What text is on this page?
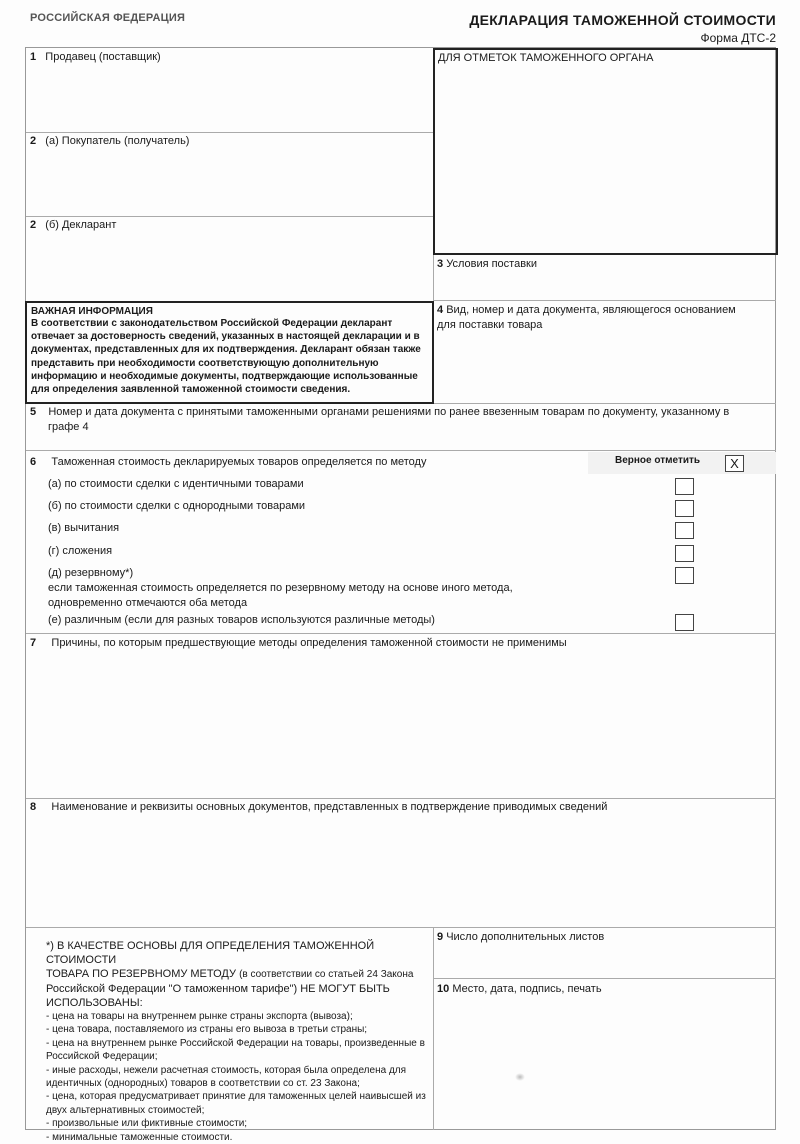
РОССИЙСКАЯ ФЕДЕРАЦИЯ	ДЕКЛАРАЦИЯ ТАМОЖЕННОЙ СТОИМОСТИ
Форма ДТС-2
1 Продавец (поставщик)
2 (а) Покупатель (получатель)
2 (б) Декларант
ДЛЯ ОТМЕТОК ТАМОЖЕННОГО ОРГАНА
3 Условия поставки
ВАЖНАЯ ИНФОРМАЦИЯ
В соответствии с законодательством Российской Федерации декларант
отвечает за достоверность сведений, указанных в настоящей декларации и в
документах, представленных для их подтверждения. Декларант обязан также
представить при необходимости соответствующую дополнительную
информацию и необходимые документы, подтверждающие использованные
для определения заявленной таможенной стоимости сведения.
4 Вид, номер и дата документа, являющегося основанием
для поставки товара
5 Номер и дата документа с принятыми таможенными органами решениями по ранее ввезенным товарам по документу, указанному в
графе 4
6 Таможенная стоимость декларируемых товаров определяется по методу	Верное отметить	X
(а) по стоимости сделки с идентичными товарами
(б) по стоимости сделки с однородными товарами
(в) вычитания
(г) сложения
(д) резервному*)
если таможенная стоимость определяется по резервному методу на основе иного метода,
одновременно отмечаются оба метода
(е) различным (если для разных товаров используются различные методы)
7 Причины, по которым предшествующие методы определения таможенной стоимости не применимы
8 Наименование и реквизиты основных документов, представленных в подтверждение приводимых сведений
*) В КАЧЕСТВЕ ОСНОВЫ ДЛЯ ОПРЕДЕЛЕНИЯ ТАМОЖЕННОЙ СТОИМОСТИ
ТОВАРА ПО РЕЗЕРВНОМУ МЕТОДУ (в соответствии со статьей 24 Закона
Российской Федерации "О таможенном тарифе") НЕ МОГУТ БЫТЬ
ИСПОЛЬЗОВАНЫ:
- цена на товары на внутреннем рынке страны экспорта (вывоза);
- цена товара, поставляемого из страны его вывоза в третьи страны;
- цена на внутреннем рынке Российской Федерации на товары, произведенные в
Российской Федерации;
- иные расходы, нежели расчетная стоимость, которая была определена для
идентичных (однородных) товаров в соответствии со ст. 23 Закона;
- цена, которая предусматривает принятие для таможенных целей наивысшей из
двух альтернативных стоимостей;
- произвольные или фиктивные стоимости;
- минимальные таможенные стоимости.
9 Число дополнительных листов
10 Место, дата, подпись, печать
